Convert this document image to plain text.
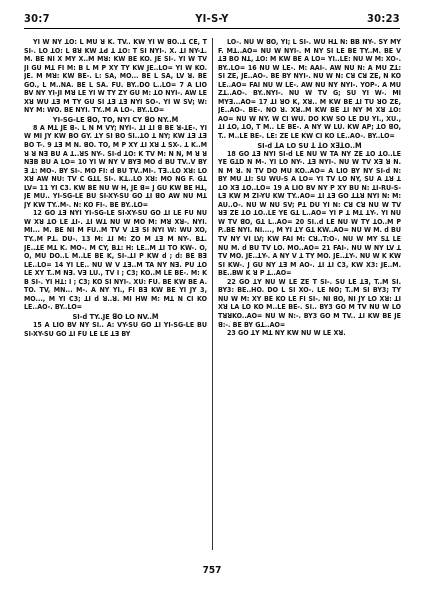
30:7	YI-S-Y	30:23

YI W NY ꓕO: L MU ꓤ K. TV.. KW YI W ꓭO..ꓕ CE, T SI-. LO ꓕO: L ꓭꓤ KW ꓕꓒ ꓕ ꓕO: T SI NYI-. X. ꓕI NY-ꓕ. M. BE NI X MY X..M Mꓤ: KW BE KO. JE SI-. YI W TV JI GU Mꓕ FI M: B L M P XY TY KW JE..LO= YI W KO. JE. M Mꓤ: KW BE-. L: SA, MO... BE L SA, LV ꓤ. BE GO., L M..NA. BE L SA. FU. BY..DO L..LO= 7 A LIO BV NY YI-JI Mꓤ LE YI W TY ZY GU M: ꓕO NYI-. AW LE Xꓤ WU ꓕꓱ M TY GU SI ꓕꓱ ꓕꓱ NYI SO-. YI W SV; W: NY M: WO. BE NYI. TY..M A LO-. BY..LO=

YI-SG-LE ꓭO, TO, NYI CY ꓭO NY..ꓟ

8 A Mꓕ JE ꓭ-. L N M VY; NYI-. ꓕI ꓕꓲ ꓭ BE ꓤ-ꓕE-. YI W MI JY KW BO GY. ꓕY SI BO SI..ꓕO ꓕ NY; KW ꓕꓱ ꓕꓱ BO T-. 9 ꓕꓱ M N. ꓭO. TO, M P XY ꓕI Xꓤ ꓕ SX-. ꓕ K..M ꓤ ꓤ Nꓱ BU A ꓕ..ꓤꓢ NY-. SI-d ꓕO: K TV M: N N, M ꓤ ꓤ NꓱB BU A LO= 10 YI W NY V BYꓱ MO d BU TV..V BY ꓱ ꓕ: MO-. BY SI-. MO FI: d BU TV..MI-. Tꓱ..LO Xꓤ: LO Xꓤ AW NU: TV C GꓕL SI-. Kꓕ..LO Xꓤ: MO NG F. Gꓕ LV= 11 YI C3. KW BE NU W H, JE ꓭ= J GU KW BE Hꓕ, JE MU.. YI-SG-LE BU SI-XY-SU GO ꓕI ꓭO AW NU Mꓕ JY KW TY..M-. N: KO Fꓲ-. BE BY..LO=

12 GO ꓕꓱ NYI YI-SG-LE SI-XY-SU GO ꓕI LE FU NU W Xꓤ ꓕO LE ꓕꓲ-. ꓕꓲ Wꓕ NU W MO M: Mꓤ Xꓤ-. NYI. Mꓲ... M. BE NI M FU..M TV V ꓕꓱ SI NYI W: WU XO, TY..M Pꓕ. DU-. 13 M: ꓕI M: ZO M ꓕꓱ M NY-. Bꓕ. JE..ꓕE Mꓕ K. MO-. M CY, Bꓕ: H: LE..M ꓕI TO KW-. O, O, MU DO..L M..LE BE K, SI-.ꓕI P KW d ; d: BE Bꓱ LE..LO= 14 YI LE.. NU W V ꓕꓱ..M TA NY Nꓱ. PU ꓕO LE XY T..M Nꓱ. Vꓱ LU., TV ꓲ ; C3; KO..M LE BE-. M: K B SI-. YI Hꓕ: ꓲ ; C3; KO SI NYI-. XU: FU. BE KW BE A. TO. TV, MN... M-. A NY YI., FI Bꓱ KW BE YI JY 3, MO..., M YI C3; ꓕI d ꓤ..ꓤ. MI HW M: Mꓕ N Cꓲ KO LE..AO-. BY..LO=

SI-d TY..JE ꓭO LO NV..ꓟ

15 A LIO BV NY SI.. A: VY-SU GO ꓕI YI-SG-LE BU SI-XY-SU GO ꓕI FU LE LE ꓕꓱ BY

LO-. NU W ꓭO, YI; L SI-. WU Hꓕ N: BB NY-. SY MY F. Mꓕ..AO= NU W NYI-. M NY SI LE BE TY..M. BE V ꓕꓱ BO Nꓕ, ꓕO: M KW BE A LO= YI..LE: NU W M: XO-. BY..LO= 16 NU W LE-. M: AAI-. AW NU N: A MU Zꓕ: SI ꓜE, JE..AO-. BE BY NYI-. NU W N: Cꓤ Cꓤ ꓜE, N KO LE..AO= FAI NU W LE-. AW NU NY NYI-. YOP-. A MU Zꓕ..AO-. BY..NYI-. NU W TV G; SU YI W-. MI MYꓱ...AO= 17 ꓕꓲ ꓤO K, Xꓤ.. M KW BE ꓕꓲ TU ꓤO ꓜE, JE..AO-. BE-. NO ꓤ. Xꓤ..M KW BE ꓕꓲ NY M Xꓤ ꓕO: AO= NU W NY. W Cꓲ WU. DO KW SO LE DU YI., XU., ꓕꓲ ꓕO, ꓕO, T M.. LE BE-. A NY W LU. KW AP; ꓕO ꓭO, T.. M..LE BE-. LE: ZE LE KW Cꓲ KO LE..AO-. BY..LO=

SI-d ꓕA LO SU ꓕ ꓕO XꓱꓕO..ꓟ

18 GO ꓕꓱ NYI SI-d LE NU W TA NY ꓜE ꓕO ꓕO..LE YE GꓕD N M-. YI LO NY-. ꓕꓱ NYI-. NU W TV Xꓱ ꓤ N. N M ꓤ. N TV DO MU KO..AO= A LIO BY NY SI-d N: BY MU ꓕꓲ: SU WU-S A LO= YI TV LO NY, SU A ꓕꓤ ꓕ ꓕO Xꓱ ꓕO..LO= 19 A LIO BV NY P XY BU N: ꓕI-RU-S-Lꓱ KW M ZI-YU KW TY..AO= ꓕꓲ ꓕꓱ GO ꓕꓕꓤ NYI N: M: AU..O-. NU W NU SV; Pꓕ DU YI N: Cꓤ Cꓤ NU W TV ꓤꓱ ꓜE ꓕO ꓕO..LE YE Gꓕ L..AO= YI P ꓕ Mꓕ ꓕY-. YI NU W TV ꓭO, Gꓕ L..AO= 20 SI..d LE NU W TY ꓕO..M P P..BE NYI. Nꓲ...., M YI ꓕY Gꓕ KW..AO= NU W M. d BU TV NY VI LV; KW FAI M: Cꓤ..T:O-. NU W MY Sꓕ LE NU M. d BU TV LO. MO..AO= 21 FAI-. NU W NY LV ꓕ TV MO. JE..ꓕY-. A NY V ꓕ TY MO. JE..ꓕY-. NU W K KW SI KW-. J GU NY ꓕꓱ M AO-. ꓕꓲ ꓕꓲ C3, KW X3: JE..M. BE..BW K ꓤ P ꓕ..AO=

22 GO ꓕY NU W LE ZE T SI-. ꓢU LE ꓕꓱ, T..M SI. BY3: BE..HO. DO L SI XO-. LE NO; T..M SI BY3; TY NU W M: XY BE KO LE FI SI-. NI ꓭO, NI JY LO Xꓤ: ꓕꓲ Xꓤ LA LO KO M..LE BE-. SI.. BY3 GO M TV NU W LO TꓤꓤKO..AO= NU W N:-. BY3 GO M TV.. ꓕꓲ KW BE JE ꓭ:-. BE BY Gꓕ..AO=

23 GO ꓕY Mꓕ NY KW NU W LE Xꓤ.

757
